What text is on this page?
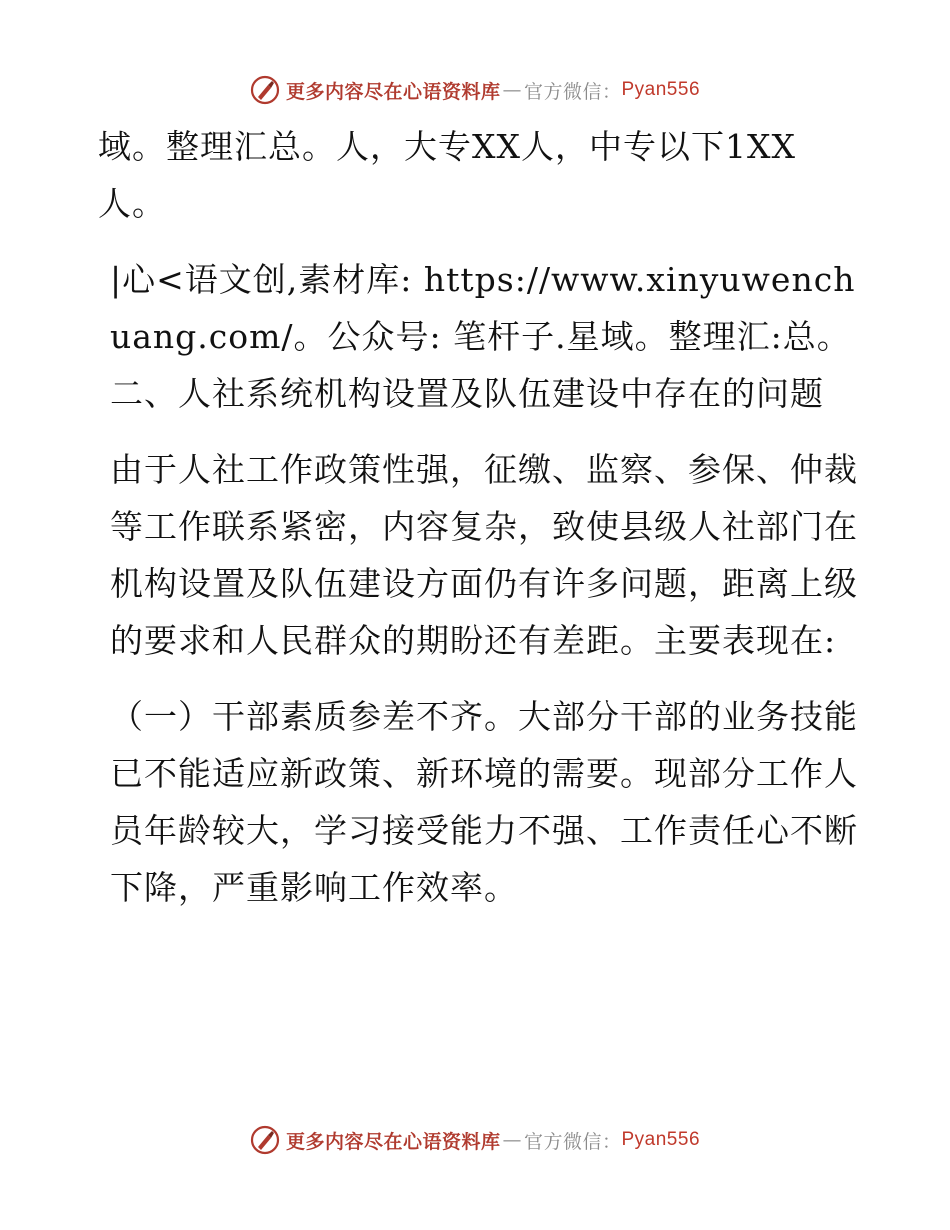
更多内容尽在心语资料库 — 官方微信： Pyan556

域。整理汇总。人，大专XX人，中专以下1XX人。

|心<语文创,素材库: https://www.xinyuwenchuang.com/。公众号: 笔杆子.星域。整理汇:总。二、人社系统机构设置及队伍建设中存在的问题

由于人社工作政策性强，征缴、监察、参保、仲裁等工作联系紧密，内容复杂，致使县级人社部门在机构设置及队伍建设方面仍有许多问题，距离上级的要求和人民群众的期盼还有差距。主要表现在:

（一）干部素质参差不齐。大部分干部的业务技能已不能适应新政策、新环境的需要。现部分工作人员年龄较大，学习接受能力不强、工作责任心不断下降，严重影响工作效率。

更多内容尽在心语资料库 — 官方微信： Pyan556
